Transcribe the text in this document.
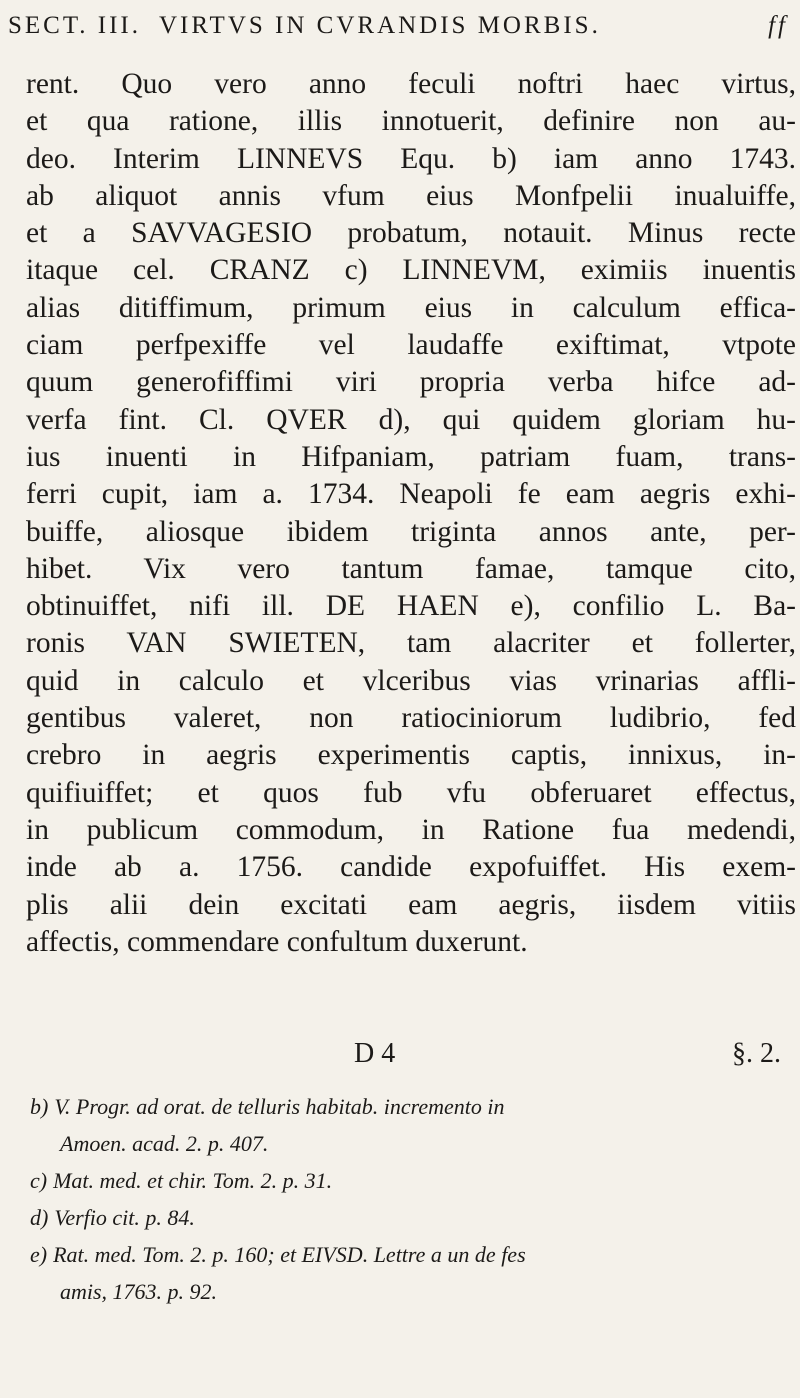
SECT. III. VIRTVS IN CVRANDIS MORBIS.	ff
rent. Quo vero anno feculi noftri haec virtus,
et qua ratione, illis innotuerit, definire non au-
deo. Interim LINNEVS Equ. b) iam anno 1743.
ab aliquot annis vfum eius Monfpelii inualuiffe,
et a SAVVAGESIO probatum, notauit. Minus recte
itaque cel. CRANZ c) LINNEVM, eximiis inuentis
alias ditiffimum, primum eius in calculum effica-
ciam perfpexiffe vel laudaffe exiftimat, vtpote
quum generofiffimi viri propria verba hifce ad-
verfa fint. Cl. QVER d), qui quidem gloriam hu-
ius inuenti in Hifpaniam, patriam fuam, trans-
ferri cupit, iam a. 1734. Neapoli fe eam aegris exhi-
buiffe, aliosque ibidem triginta annos ante, per-
hibet. Vix vero tantum famae, tamque cito,
obtinuiffet, nifi ill. DE HAEN e), confilio L. Ba-
ronis VAN SWIETEN, tam alacriter et follerter,
quid in calculo et vlceribus vias vrinarias affli-
gentibus valeret, non ratiociniorum ludibrio, fed
crebro in aegris experimentis captis, innixus, in-
quifiuiffet; et quos fub vfu obferuaret effectus,
in publicum commodum, in Ratione fua medendi,
inde ab a. 1756. candide expofuiffet. His exem-
plis alii dein excitati eam aegris, iisdem vitiis
affectis, commendare confultum duxerunt.
D 4	§. 2.
b) V. Progr. ad orat. de telluris habitab. incremento in
Amoen. acad. 2. p. 407.
c) Mat. med. et chir. Tom. 2. p. 31.
d) Verfio cit. p. 84.
e) Rat. med. Tom. 2. p. 160; et EIVSD. Lettre a un de fes
amis, 1763. p. 92.
